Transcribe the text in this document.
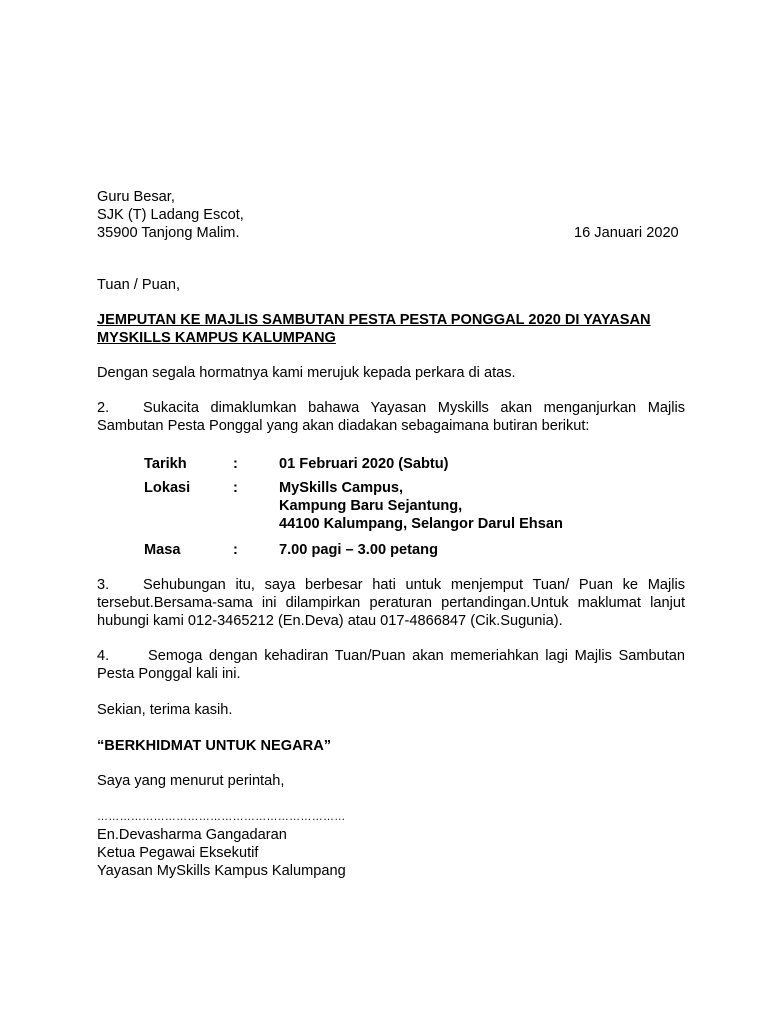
Guru Besar,
SJK (T) Ladang Escot,
35900 Tanjong Malim.	16 Januari 2020
Tuan / Puan,
JEMPUTAN KE MAJLIS SAMBUTAN PESTA PESTA PONGGAL 2020 DI YAYASAN
MYSKILLS KAMPUS KALUMPANG
Dengan segala hormatnya kami merujuk kepada perkara di atas.
2. Sukacita dimaklumkan bahawa Yayasan Myskills akan menganjurkan Majlis
Sambutan Pesta Ponggal yang akan diadakan sebagaimana butiran berikut:
Tarikh	:	01 Februari 2020 (Sabtu)
Lokasi	:	MySkills Campus,
Kampung Baru Sejantung,
44100 Kalumpang, Selangor Darul Ehsan
Masa	:	7.00 pagi – 3.00 petang
3. Sehubungan itu, saya berbesar hati untuk menjemput Tuan/ Puan ke Majlis
tersebut.Bersama-sama ini dilampirkan peraturan pertandingan.Untuk maklumat lanjut
hubungi kami 012-3465212 (En.Deva) atau 017-4866847 (Cik.Sugunia).
4.	Semoga dengan kehadiran Tuan/Puan akan memeriahkan lagi Majlis Sambutan
Pesta Ponggal kali ini.
Sekian, terima kasih.
“BERKHIDMAT UNTUK NEGARA”
Saya yang menurut perintah,
…………………………………………………………
En.Devasharma Gangadaran
Ketua Pegawai Eksekutif
Yayasan MySkills Kampus Kalumpang
